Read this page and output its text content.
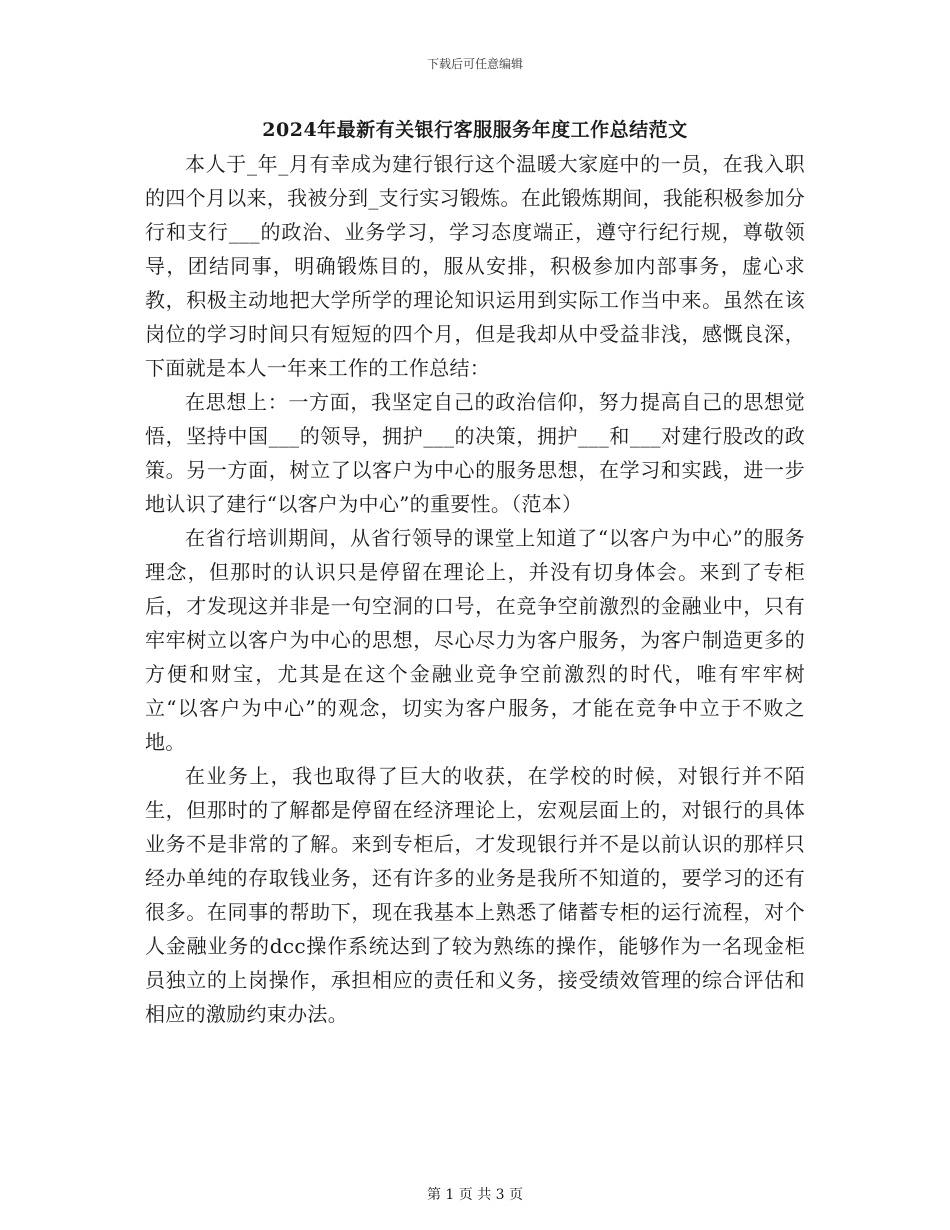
下载后可任意编辑
2024年最新有关银行客服服务年度工作总结范文

本人于_年_月有幸成为建行银行这个温暖大家庭中的一员，在我入职的四个月以来，我被分到_支行实习锻炼。在此锻炼期间，我能积极参加分行和支行___的政治、业务学习，学习态度端正，遵守行纪行规，尊敬领导，团结同事，明确锻炼目的，服从安排，积极参加内部事务，虚心求教，积极主动地把大学所学的理论知识运用到实际工作当中来。虽然在该岗位的学习时间只有短短的四个月，但是我却从中受益非浅，感慨良深，下面就是本人一年来工作的工作总结：

在思想上：一方面，我坚定自己的政治信仰，努力提高自己的思想觉悟，坚持中国___的领导，拥护___的决策，拥护___和___对建行股改的政策。另一方面，树立了以客户为中心的服务思想，在学习和实践，进一步地认识了建行“以客户为中心”的重要性。（范本）

在省行培训期间，从省行领导的课堂上知道了“以客户为中心”的服务理念，但那时的认识只是停留在理论上，并没有切身体会。来到了专柜后，才发现这并非是一句空洞的口号，在竞争空前激烈的金融业中，只有牢牢树立以客户为中心的思想，尽心尽力为客户服务，为客户制造更多的方便和财宝，尤其是在这个金融业竞争空前激烈的时代，唯有牢牢树立“以客户为中心”的观念，切实为客户服务，才能在竞争中立于不败之地。

在业务上，我也取得了巨大的收获，在学校的时候，对银行并不陌生，但那时的了解都是停留在经济理论上，宏观层面上的，对银行的具体业务不是非常的了解。来到专柜后，才发现银行并不是以前认识的那样只经办单纯的存取钱业务，还有许多的业务是我所不知道的，要学习的还有很多。在同事的帮助下，现在我基本上熟悉了储蓄专柜的运行流程，对个人金融业务的dcc操作系统达到了较为熟练的操作，能够作为一名现金柜员独立的上岗操作，承担相应的责任和义务，接受绩效管理的综合评估和相应的激励约束办法。

第 1 页 共 3 页
